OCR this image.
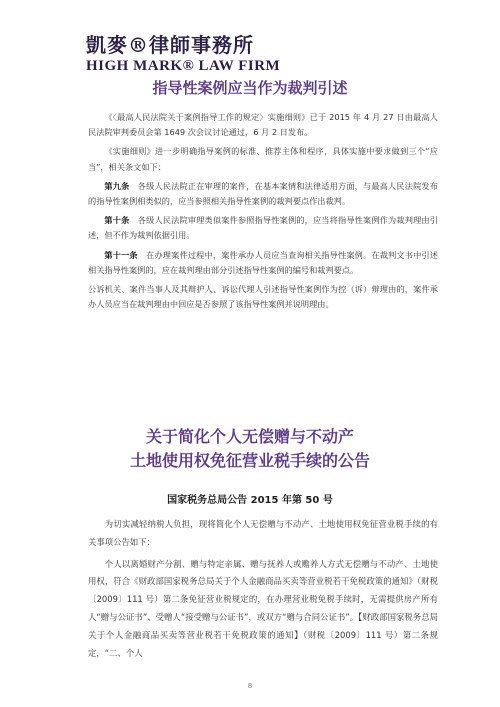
凱麥®律師事務所
HIGH MARK® LAW FIRM
指导性案例应当作为裁判引述

《〈最高人民法院关于案例指导工作的规定〉实施细则》已于 2015 年 4 月 27 日由最高人民法院审判委员会第 1649 次会议讨论通过，6 月 2 日发布。

《实施细则》进一步明确指导案例的标准、推荐主体和程序，具体实施中要求做到三个“应当”，相关条文如下：

第九条　 各级人民法院正在审理的案件，在基本案情和法律适用方面，与最高人民法院发布的指导性案例相类似的，应当参照相关指导性案例的裁判要点作出裁判。

第十条　 各级人民法院审理类似案件参照指导性案例的，应当将指导性案例作为裁判理由引述，但不作为裁判依据引用。

第十一条　 在办理案件过程中，案件承办人员应当查询相关指导性案例。在裁判文书中引述相关指导性案例的，应在裁判理由部分引述指导性案例的编号和裁判要点。

公诉机关、案件当事人及其辩护人、诉讼代理人引述指导性案例作为控（诉）辩理由的，案件承办人员应当在裁判理由中回应是否参照了该指导性案例并说明理由。

关于简化个人无偿赠与不动产
土地使用权免征营业税手续的公告
国家税务总局公告 2015 年第 50 号

为切实减轻纳税人负担，现将简化个人无偿赠与不动产、土地使用权免征营业税手续的有关事项公告如下：

个人以离婚财产分割、赠与特定亲属、赠与抚养人或赡养人方式无偿赠与不动产、土地使用权，符合《财政部国家税务总局关于个人金融商品买卖等营业税若干免税政策的通知》（财税〔2009〕111 号）第二条免征营业税规定的，在办理营业税免税手续时，无需提供房产所有人“赠与公证书”、受赠人“接受赠与公证书”，或双方“赠与合同公证书”。【财政部国家税务总局关于个人金融商品买卖等营业税若干免税政策的通知】（财税〔2009〕111 号）第二条规定，“二、个人

8
